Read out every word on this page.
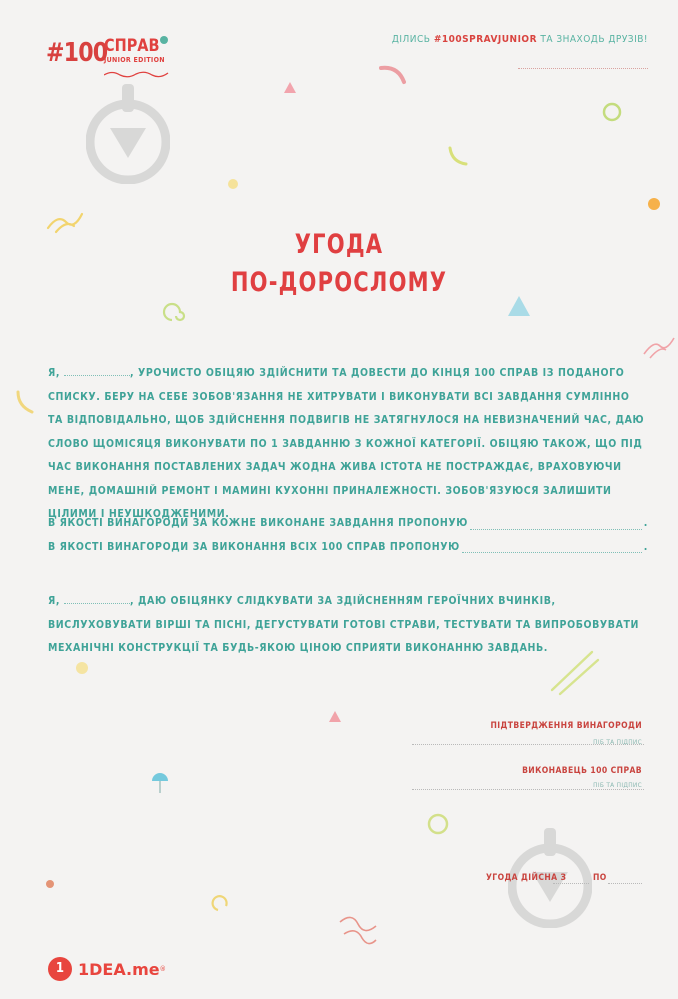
#100
СПРАВ
JUNIOR EDITION
ДІЛИСЬ #100SPRAVJUNIOR ТА ЗНАХОДЬ ДРУЗІВ!
УГОДА
ПО-ДОРОСЛОМУ
Я,	, УРОЧИСТО ОБІЦЯЮ ЗДІЙСНИТИ ТА ДОВЕСТИ ДО КІНЦЯ 100 СПРАВ ІЗ ПОДАНОГО СПИСКУ. БЕРУ НА СЕБЕ ЗОБОВ'ЯЗАННЯ НЕ ХИТРУВАТИ І ВИКОНУВАТИ ВСІ ЗАВДАННЯ СУМЛІННО ТА ВІДПОВІДАЛЬНО, ЩОБ ЗДІЙСНЕННЯ ПОДВИГІВ НЕ ЗАТЯГНУЛОСЯ НА НЕВИЗНАЧЕНИЙ ЧАС, ДАЮ СЛОВО ЩОМІСЯЦЯ ВИКОНУВАТИ ПО 1 ЗАВДАННЮ З КОЖНОЇ КАТЕГОРІЇ. ОБІЦЯЮ ТАКОЖ, ЩО ПІД ЧАС ВИКОНАННЯ ПОСТАВЛЕНИХ ЗАДАЧ ЖОДНА ЖИВА ІСТОТА НЕ ПОСТРАЖДАЄ, ВРАХОВУЮЧИ МЕНЕ, ДОМАШНІЙ РЕМОНТ І МАМИНІ КУХОННІ ПРИНАЛЕЖНОСТІ. ЗОБОВ'ЯЗУЮСЯ ЗАЛИШИТИ ЦІЛИМИ І НЕУШКОДЖЕНИМИ.
В ЯКОСТІ ВИНАГОРОДИ ЗА КОЖНЕ ВИКОНАНЕ ЗАВДАННЯ ПРОПОНУЮ	.
В ЯКОСТІ ВИНАГОРОДИ ЗА ВИКОНАННЯ ВСІХ 100 СПРАВ ПРОПОНУЮ	.
Я,	, ДАЮ ОБІЦЯНКУ СЛІДКУВАТИ ЗА ЗДІЙСНЕННЯМ ГЕРОЇЧНИХ ВЧИНКІВ, ВИСЛУХОВУВАТИ ВІРШІ ТА ПІСНІ, ДЕГУСТУВАТИ ГОТОВІ СТРАВИ, ТЕСТУВАТИ ТА ВИПРОБОВУВАТИ МЕХАНІЧНІ КОНСТРУКЦІЇ ТА БУДЬ-ЯКОЮ ЦІНОЮ СПРИЯТИ ВИКОНАННЮ ЗАВДАНЬ.
ПІДТВЕРДЖЕННЯ ВИНАГОРОДИ
ПІБ ТА ПІДПИС
ВИКОНАВЕЦЬ 100 СПРАВ
ПІБ ТА ПІДПИС
УГОДА ДІЙСНА З	ПО
1 1DEA.me ®
